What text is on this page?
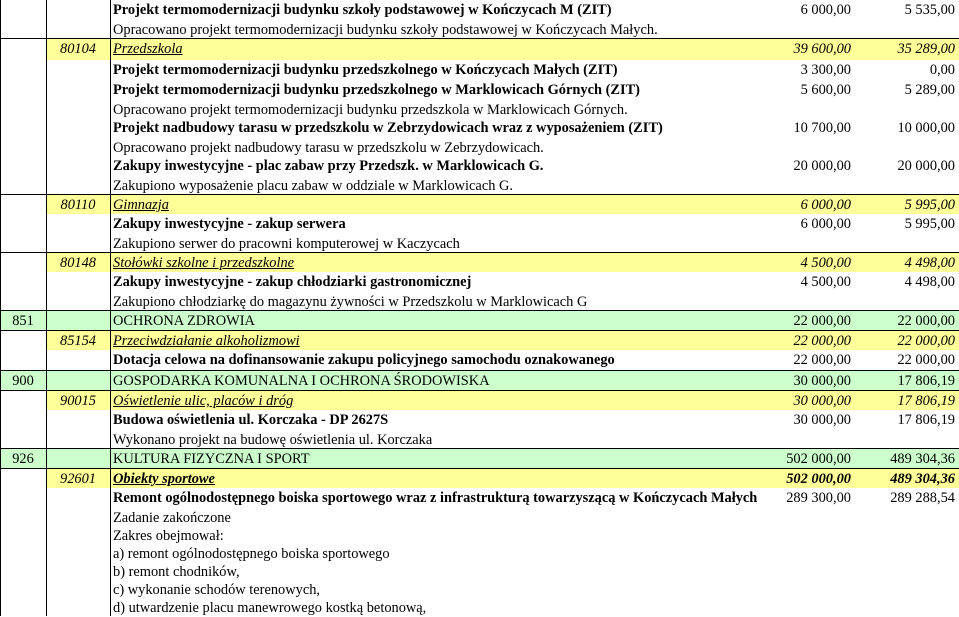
Projekt termomodernizacji budynku szkoły podstawowej w Kończycach M (ZIT)	6 000,00	5 535,00
Opracowano projekt termomodernizacji budynku szkoły podstawowej w Kończycach Małych.
80104	Przedszkola	39 600,00	35 289,00
Projekt termomodernizacji budynku przedszkolnego w Kończycach Małych (ZIT)	3 300,00	0,00
Projekt termomodernizacji budynku przedszkolnego w Marklowicach Górnych (ZIT)	5 600,00	5 289,00
Opracowano projekt termomodernizacji budynku przedszkola w Marklowicach Górnych.
Projekt nadbudowy tarasu w przedszkolu w Zebrzydowicach wraz z wyposażeniem (ZIT)	10 700,00	10 000,00
Opracowano projekt nadbudowy tarasu w przedszkolu w Zebrzydowicach.
Zakupy inwestycyjne - plac zabaw przy Przedszk. w Marklowicach G.	20 000,00	20 000,00
Zakupiono wyposażenie placu zabaw w oddziale w Marklowicach G.
80110	Gimnazja	6 000,00	5 995,00
Zakupy inwestycyjne - zakup serwera	6 000,00	5 995,00
Zakupiono serwer do pracowni komputerowej w Kaczycach
80148	Stołówki szkolne i przedszkolne	4 500,00	4 498,00
Zakupy inwestycyjne - zakup chłodziarki gastronomicznej	4 500,00	4 498,00
Zakupiono chłodziarkę do magazynu żywności w Przedszkolu w Marklowicach G
851	OCHRONA ZDROWIA	22 000,00	22 000,00
85154	Przeciwdziałanie alkoholizmowi	22 000,00	22 000,00
Dotacja celowa na dofinansowanie zakupu policyjnego samochodu oznakowanego	22 000,00	22 000,00
900	GOSPODARKA KOMUNALNA I OCHRONA ŚRODOWISKA	30 000,00	17 806,19
90015	Oświetlenie ulic, placów i dróg	30 000,00	17 806,19
Budowa oświetlenia ul. Korczaka - DP 2627S	30 000,00	17 806,19
Wykonano projekt na budowę oświetlenia ul. Korczaka
926	KULTURA FIZYCZNA I SPORT	502 000,00	489 304,36
92601	Obiekty sportowe	502 000,00	489 304,36
Remont ogólnodostępnego boiska sportowego wraz z infrastrukturą towarzyszącą w Kończycach Małych	289 300,00	289 288,54
Zadanie zakończone
Zakres obejmował:
a) remont ogólnodostępnego boiska sportowego
b) remont chodników,
c) wykonanie schodów terenowych,
d) utwardzenie placu manewrowego kostką betonową,
